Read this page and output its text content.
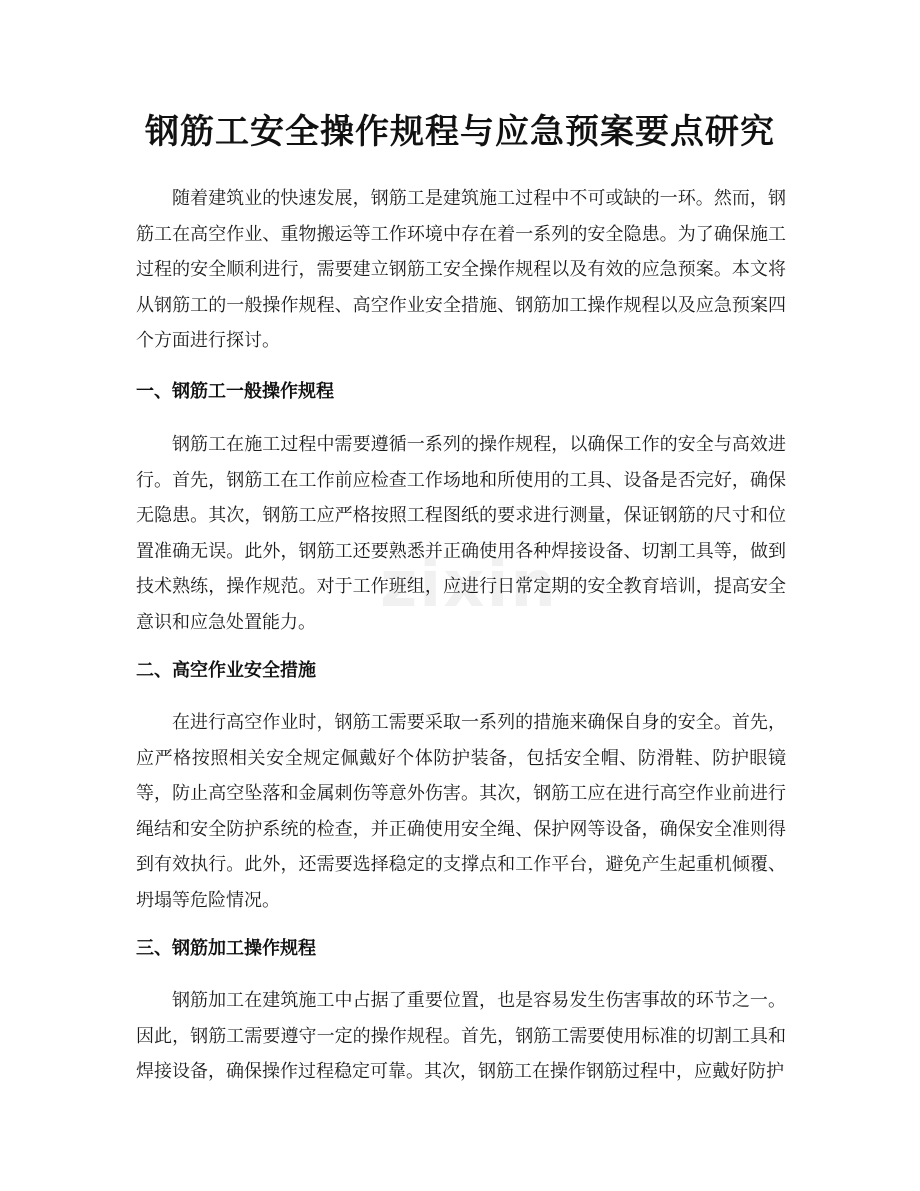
钢筋工安全操作规程与应急预案要点研究

随着建筑业的快速发展，钢筋工是建筑施工过程中不可或缺的一环。然而，钢筋工在高空作业、重物搬运等工作环境中存在着一系列的安全隐患。为了确保施工过程的安全顺利进行，需要建立钢筋工安全操作规程以及有效的应急预案。本文将从钢筋工的一般操作规程、高空作业安全措施、钢筋加工操作规程以及应急预案四个方面进行探讨。

一、钢筋工一般操作规程

钢筋工在施工过程中需要遵循一系列的操作规程，以确保工作的安全与高效进行。首先，钢筋工在工作前应检查工作场地和所使用的工具、设备是否完好，确保无隐患。其次，钢筋工应严格按照工程图纸的要求进行测量，保证钢筋的尺寸和位置准确无误。此外，钢筋工还要熟悉并正确使用各种焊接设备、切割工具等，做到技术熟练，操作规范。对于工作班组，应进行日常定期的安全教育培训，提高安全意识和应急处置能力。

二、高空作业安全措施

在进行高空作业时，钢筋工需要采取一系列的措施来确保自身的安全。首先，应严格按照相关安全规定佩戴好个体防护装备，包括安全帽、防滑鞋、防护眼镜等，防止高空坠落和金属刺伤等意外伤害。其次，钢筋工应在进行高空作业前进行绳结和安全防护系统的检查，并正确使用安全绳、保护网等设备，确保安全准则得到有效执行。此外，还需要选择稳定的支撑点和工作平台，避免产生起重机倾覆、坍塌等危险情况。

三、钢筋加工操作规程

钢筋加工在建筑施工中占据了重要位置，也是容易发生伤害事故的环节之一。因此，钢筋工需要遵守一定的操作规程。首先，钢筋工需要使用标准的切割工具和焊接设备，确保操作过程稳定可靠。其次，钢筋工在操作钢筋过程中，应戴好防护

zixin
